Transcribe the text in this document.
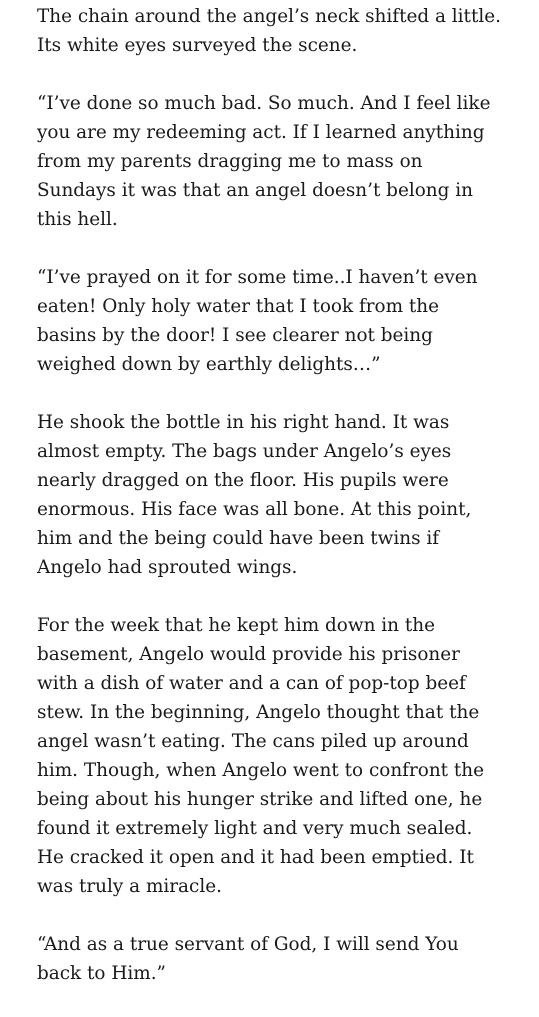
The chain around the angel’s neck shifted a little.
Its white eyes surveyed the scene.

“I’ve done so much bad. So much. And I feel like
you are my redeeming act. If I learned anything
from my parents dragging me to mass on
Sundays it was that an angel doesn’t belong in
this hell.

“I’ve prayed on it for some time..I haven’t even
eaten! Only holy water that I took from the
basins by the door! I see clearer not being
weighed down by earthly delights…”

He shook the bottle in his right hand. It was
almost empty. The bags under Angelo’s eyes
nearly dragged on the floor. His pupils were
enormous. His face was all bone. At this point,
him and the being could have been twins if
Angelo had sprouted wings.

For the week that he kept him down in the
basement, Angelo would provide his prisoner
with a dish of water and a can of pop-top beef
stew. In the beginning, Angelo thought that the
angel wasn’t eating. The cans piled up around
him. Though, when Angelo went to confront the
being about his hunger strike and lifted one, he
found it extremely light and very much sealed.
He cracked it open and it had been emptied. It
was truly a miracle.

“And as a true servant of God, I will send You
back to Him.”
